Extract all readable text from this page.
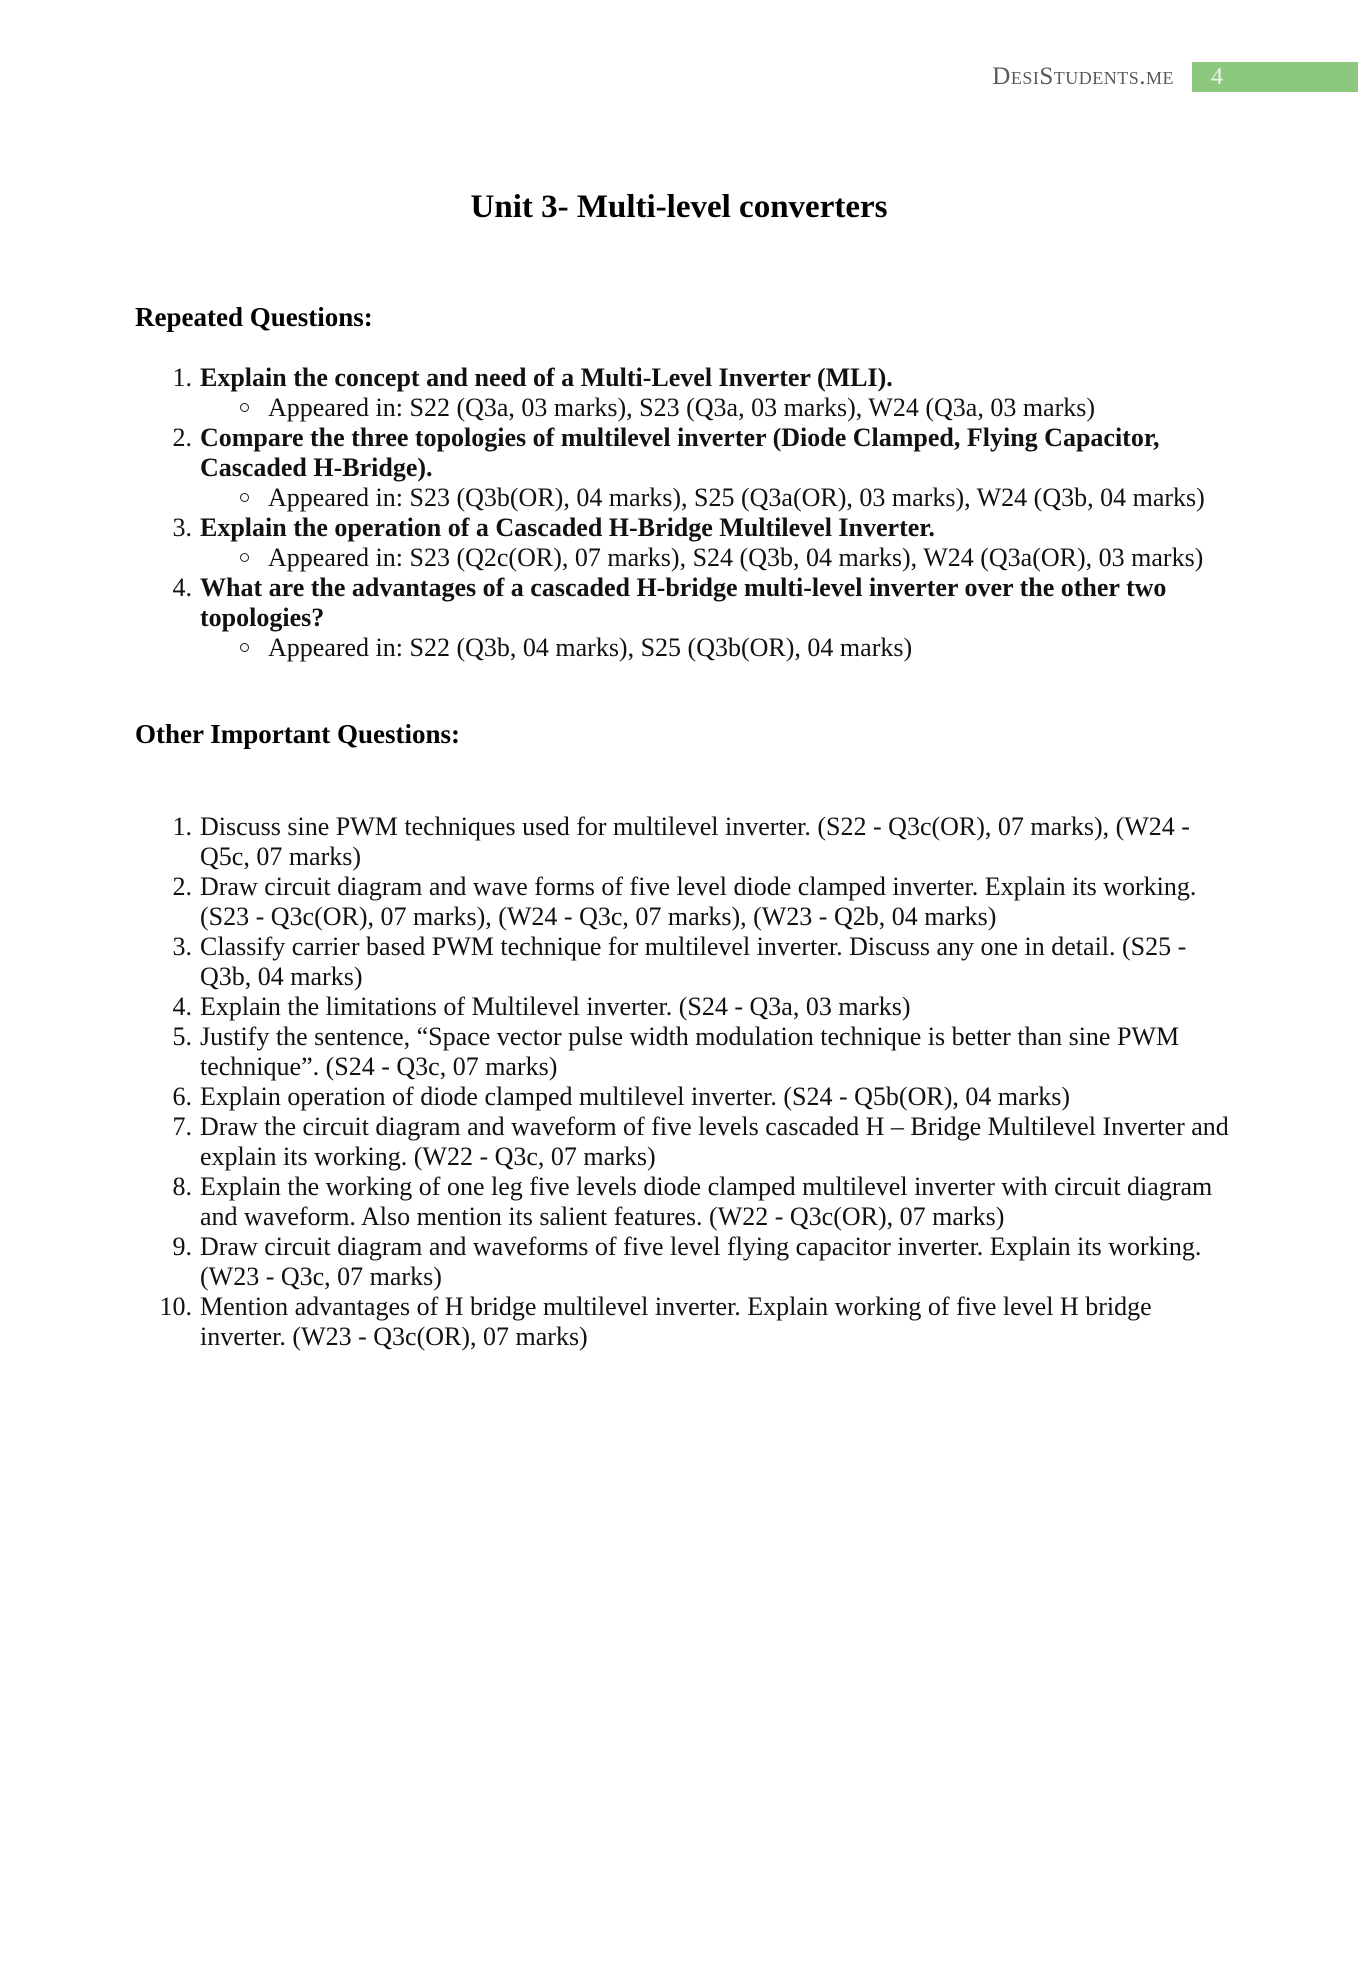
DesiStudents.me 4
Unit 3- Multi-level converters
Repeated Questions:
1. Explain the concept and need of a Multi-Level Inverter (MLI).
Appeared in: S22 (Q3a, 03 marks), S23 (Q3a, 03 marks), W24 (Q3a, 03 marks)
2. Compare the three topologies of multilevel inverter (Diode Clamped, Flying Capacitor, Cascaded H-Bridge).
Appeared in: S23 (Q3b(OR), 04 marks), S25 (Q3a(OR), 03 marks), W24 (Q3b, 04 marks)
3. Explain the operation of a Cascaded H-Bridge Multilevel Inverter.
Appeared in: S23 (Q2c(OR), 07 marks), S24 (Q3b, 04 marks), W24 (Q3a(OR), 03 marks)
4. What are the advantages of a cascaded H-bridge multi-level inverter over the other two topologies?
Appeared in: S22 (Q3b, 04 marks), S25 (Q3b(OR), 04 marks)
Other Important Questions:
1. Discuss sine PWM techniques used for multilevel inverter. (S22 - Q3c(OR), 07 marks), (W24 - Q5c, 07 marks)
2. Draw circuit diagram and wave forms of five level diode clamped inverter. Explain its working. (S23 - Q3c(OR), 07 marks), (W24 - Q3c, 07 marks), (W23 - Q2b, 04 marks)
3. Classify carrier based PWM technique for multilevel inverter. Discuss any one in detail. (S25 - Q3b, 04 marks)
4. Explain the limitations of Multilevel inverter. (S24 - Q3a, 03 marks)
5. Justify the sentence, “Space vector pulse width modulation technique is better than sine PWM technique”. (S24 - Q3c, 07 marks)
6. Explain operation of diode clamped multilevel inverter. (S24 - Q5b(OR), 04 marks)
7. Draw the circuit diagram and waveform of five levels cascaded H – Bridge Multilevel Inverter and explain its working. (W22 - Q3c, 07 marks)
8. Explain the working of one leg five levels diode clamped multilevel inverter with circuit diagram and waveform. Also mention its salient features. (W22 - Q3c(OR), 07 marks)
9. Draw circuit diagram and waveforms of five level flying capacitor inverter. Explain its working. (W23 - Q3c, 07 marks)
10. Mention advantages of H bridge multilevel inverter. Explain working of five level H bridge inverter. (W23 - Q3c(OR), 07 marks)
